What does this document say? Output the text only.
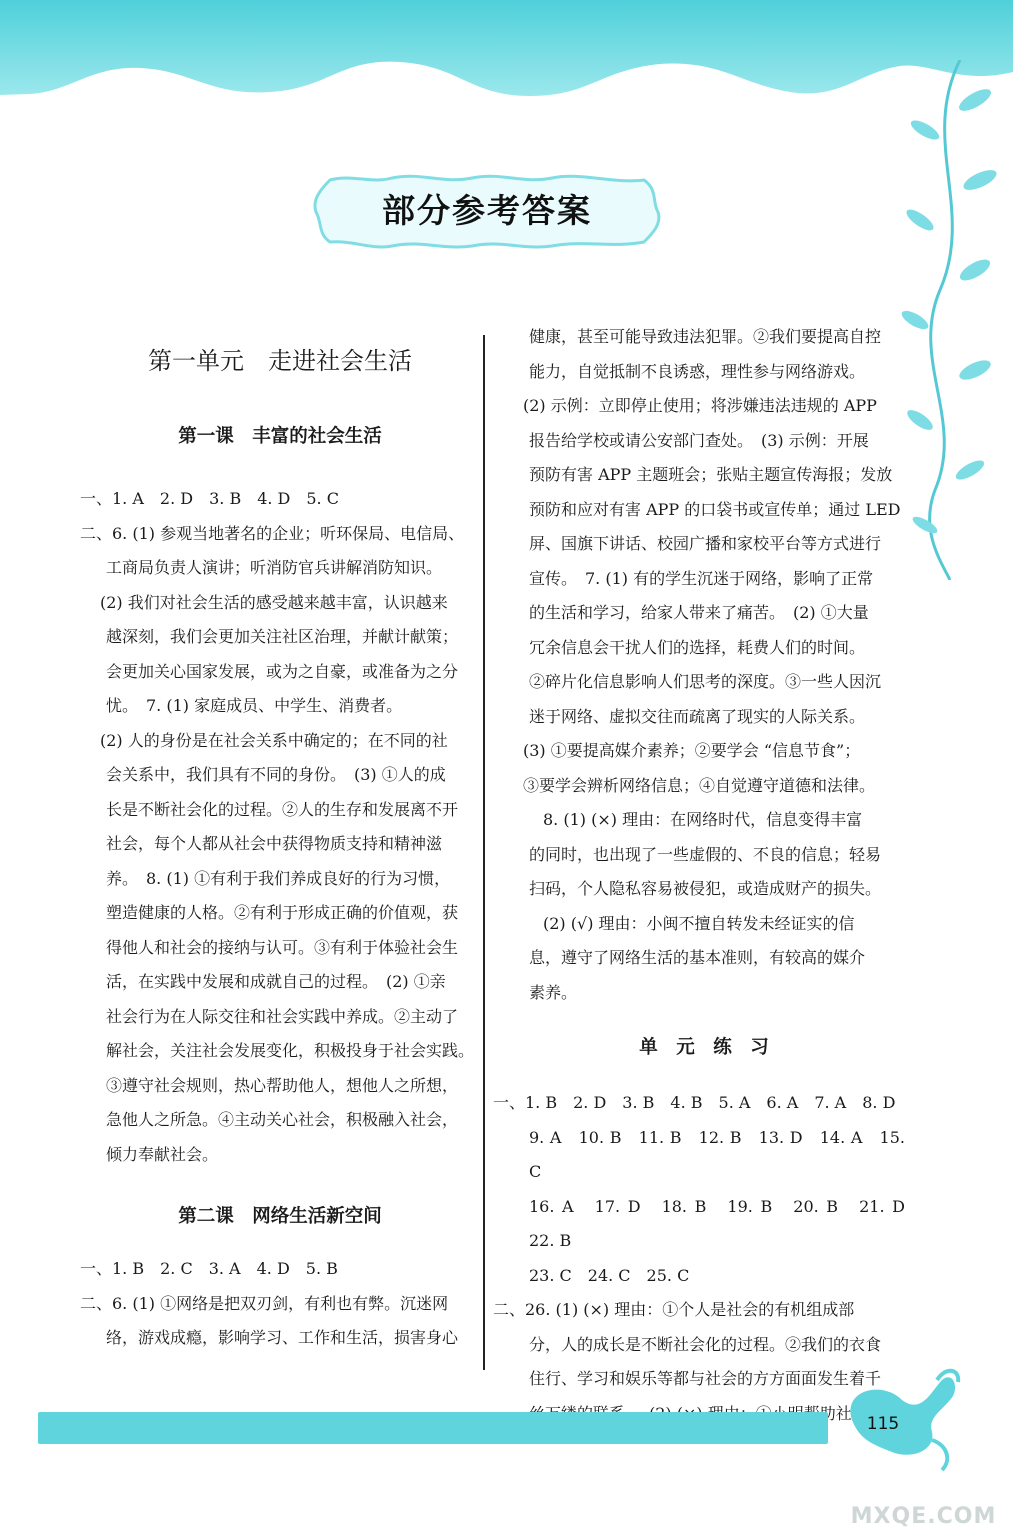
部分参考答案
第一单元　走进社会生活
第一课　丰富的社会生活

一、1. A　2. D　3. B　4. D　5. C

二、6. (1) 参观当地著名的企业；听环保局、电信局、

工商局负责人演讲；听消防官兵讲解消防知识。

(2) 我们对社会生活的感受越来越丰富，认识越来

越深刻，我们会更加关注社区治理，并献计献策；

会更加关心国家发展，或为之自豪，或准备为之分

忧。　7. (1) 家庭成员、中学生、消费者。

(2) 人的身份是在社会关系中确定的；在不同的社

会关系中，我们具有不同的身份。　(3) ①人的成

长是不断社会化的过程。②人的生存和发展离不开

社会，每个人都从社会中获得物质支持和精神滋

养。　8. (1) ①有利于我们养成良好的行为习惯，

塑造健康的人格。②有利于形成正确的价值观，获

得他人和社会的接纳与认可。③有利于体验社会生

活，在实践中发展和成就自己的过程。　(2) ①亲

社会行为在人际交往和社会实践中养成。②主动了

解社会，关注社会发展变化，积极投身于社会实践。

③遵守社会规则，热心帮助他人，想他人之所想，

急他人之所急。④主动关心社会，积极融入社会，

倾力奉献社会。

第二课　网络生活新空间

一、1. B　2. C　3. A　4. D　5. B

二、6. (1) ①网络是把双刃剑，有利也有弊。沉迷网

络，游戏成瘾，影响学习、工作和生活，损害身心

健康，甚至可能导致违法犯罪。②我们要提高自控

能力，自觉抵制不良诱惑，理性参与网络游戏。

(2) 示例：立即停止使用；将涉嫌违法违规的 APP

报告给学校或请公安部门查处。　(3) 示例：开展

预防有害 APP 主题班会；张贴主题宣传海报；发放

预防和应对有害 APP 的口袋书或宣传单；通过 LED

屏、国旗下讲话、校园广播和家校平台等方式进行

宣传。　7. (1) 有的学生沉迷于网络，影响了正常

的生活和学习，给家人带来了痛苦。　(2) ①大量

冗余信息会干扰人们的选择，耗费人们的时间。

②碎片化信息影响人们思考的深度。③一些人因沉

迷于网络、虚拟交往而疏离了现实的人际关系。

(3) ①要提高媒介素养；②要学会 “信息节食”；

③要学会辨析网络信息；④自觉遵守道德和法律。

8. (1) (×) 理由：在网络时代，信息变得丰富

的同时，也出现了一些虚假的、不良的信息；轻易

扫码，个人隐私容易被侵犯，或造成财产的损失。

(2) (√) 理由：小闽不擅自转发未经证实的信

息，遵守了网络生活的基本准则，有较高的媒介

素养。

单　元　练　习

一、1. B　2. D　3. B　4. B　5. A　6. A　7. A　8. D

9. A　10. B　11. B　12. B　13. D　14. A　15. C

16. A　17. D　18. B　19. B　20. B　21. D　22. B

23. C　24. C　25. C

二、26. (1) (×) 理由：①个人是社会的有机组成部

分，人的成长是不断社会化的过程。②我们的衣食

住行、学习和娱乐等都与社会的方方面面发生着千

115
MXQE.COM
